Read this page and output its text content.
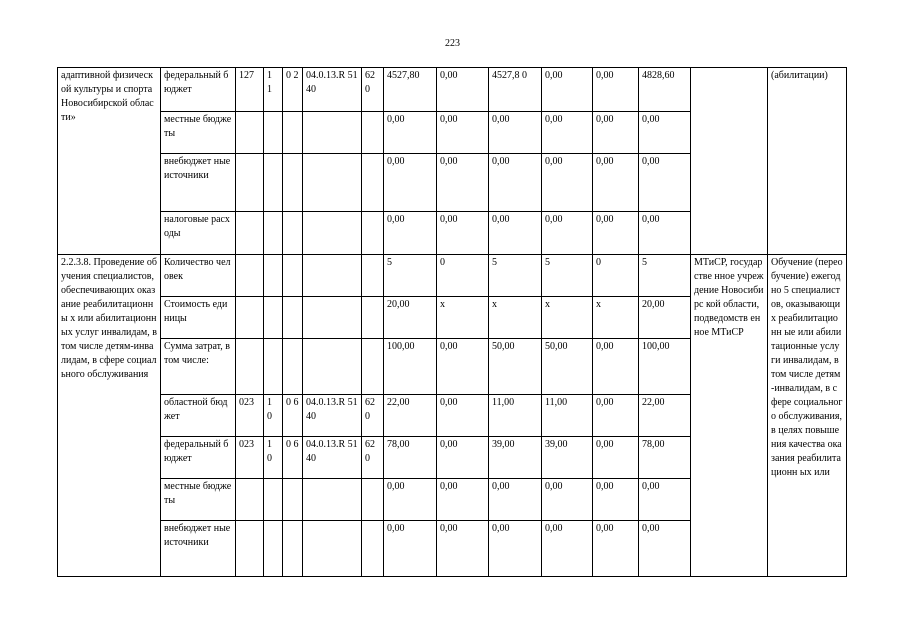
223
адаптивной физической культуры и спорта Новосибирской области»	федеральный бюджет	127	1 1	0 2	04.0.13.R 5140	62 0	4527,80	0,00	4527,8 0	0,00	0,00	4828,60		(абилитации)
	местные бюджеты						0,00	0,00	0,00	0,00	0,00	0,00		
	внебюджет ные источники						0,00	0,00	0,00	0,00	0,00	0,00		
	налоговые расходы						0,00	0,00	0,00	0,00	0,00	0,00		
2.2.3.8. Проведение обучения специалистов, обеспечивающих оказание реабилитационны х или абилитационных услуг инвалидам, в том числе детям-инвалидам, в сфере социального обслуживания	Количество человек						5	0	5	5	0	5	МТиСР, государстве нное учреждение Новосибирс кой области, подведомств енное МТиСР	Обучение (переобучение) ежегодно 5 специалистов, оказывающих реабилитационн ые или абилитационные услуги инвалидам, в том числе детям-инвалидам, в сфере социального обслуживания, в целях повышения качества оказания реабилитационн ых или
	Стоимость единицы						20,00	x	x	x	x	20,00		
	Сумма затрат, в том числе:						100,00	0,00	50,00	50,00	0,00	100,00		
	областной бюджет	023	1 0	0 6	04.0.13.R 5140	62 0	22,00	0,00	11,00	11,00	0,00	22,00		
	федеральный бюджет	023	1 0	0 6	04.0.13.R 5140	62 0	78,00	0,00	39,00	39,00	0,00	78,00		
	местные бюджеты						0,00	0,00	0,00	0,00	0,00	0,00		
	внебюджет ные источники						0,00	0,00	0,00	0,00	0,00	0,00		
